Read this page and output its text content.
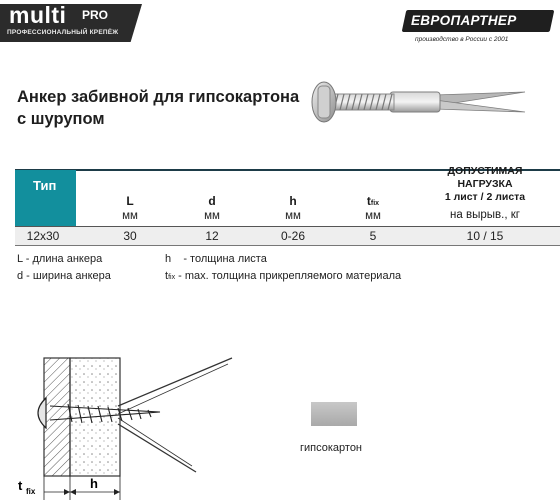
multi PRO
ПРОФЕССИОНАЛЬНЫЙ КРЕПЁЖ
ЕВРОПАРТНЕР
производство в России с 2001
Анкер забивной для гипсокартона
с шурупом
Тип
L
мм
d
мм
h
мм
tfix
мм
ДОПУСТИМАЯ
НАГРУЗКА
1 лист / 2 листа
на вырыв., кг
12х30	30	12	0-26	5	10 / 15
L - длина анкера
d - ширина анкера
h    - толщина листа
tfix - max. толщина прикрепляемого материала
t fix
h
гипсокартон
